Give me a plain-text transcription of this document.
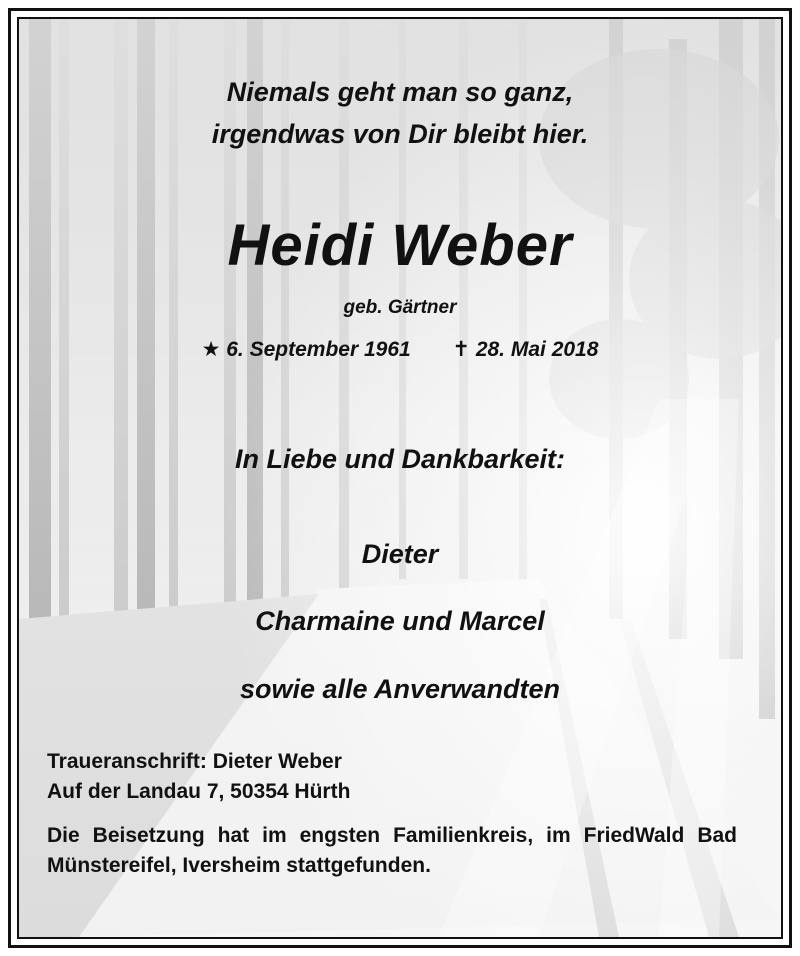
Niemals geht man so ganz,
irgendwas von Dir bleibt hier.
Heidi Weber
geb. Gärtner
★ 6. September 1961 ✝ 28. Mai 2018
In Liebe und Dankbarkeit:
Dieter
Charmaine und Marcel
sowie alle Anverwandten
Traueranschrift: Dieter Weber
Auf der Landau 7, 50354 Hürth
Die Beisetzung hat im engsten Familienkreis, im FriedWald Bad Münstereifel, Iversheim stattgefunden.
